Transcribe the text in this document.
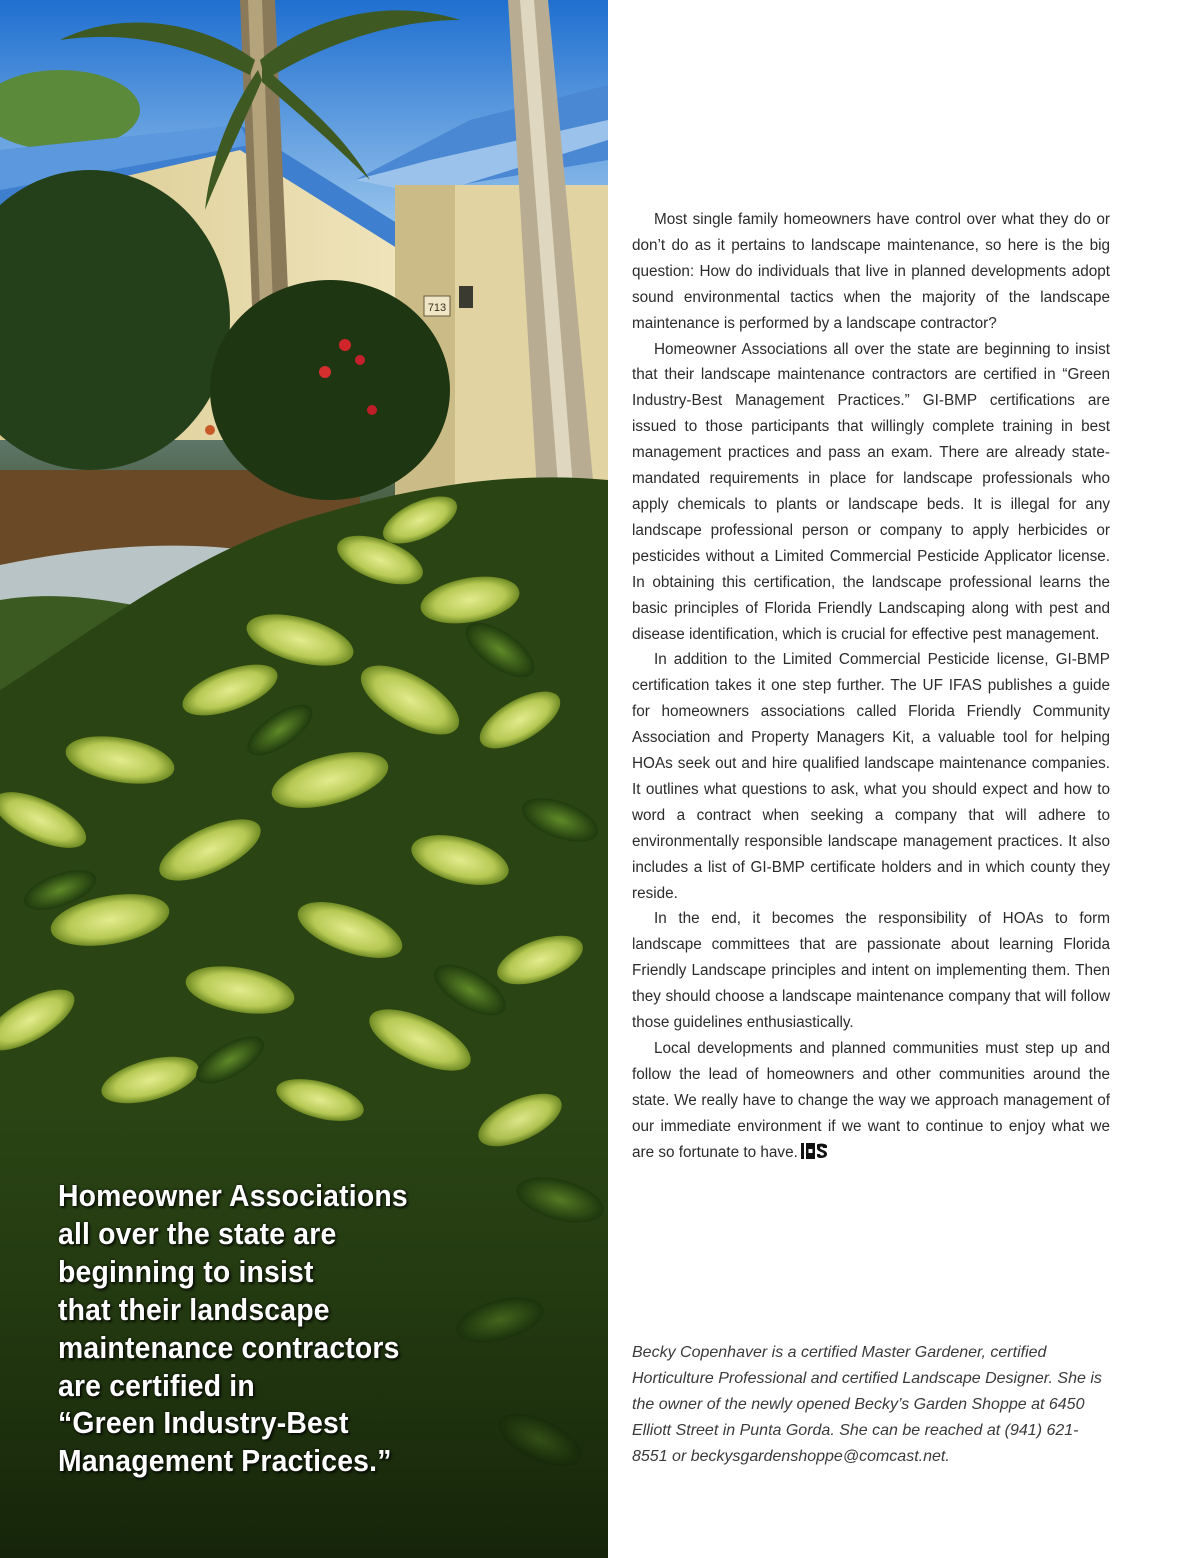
713
Homeowner Associations
all over the state are
beginning to insist
that their landscape
maintenance contractors
are certified in
“Green Industry-Best
Management Practices.”

Most single family homeowners have control over what they do or don’t do as it pertains to landscape maintenance, so here is the big question: How do individuals that live in planned developments adopt sound environmental tactics when the majority of the landscape maintenance is performed by a landscape contractor?

Homeowner Associations all over the state are beginning to insist that their landscape maintenance contractors are certified in “Green Industry-Best Management Practices.” GI-BMP certifications are issued to those participants that willingly complete training in best management practices and pass an exam. There are already state-mandated requirements in place for landscape professionals who apply chemicals to plants or landscape beds. It is illegal for any landscape professional person or company to apply herbicides or pesticides without a Limited Commercial Pesticide Applicator license. In obtaining this certification, the landscape professional learns the basic principles of Florida Friendly Landscaping along with pest and disease identification, which is crucial for effective pest management.

In addition to the Limited Commercial Pesticide license, GI-BMP certification takes it one step further. The UF IFAS publishes a guide for homeowners associations called Florida Friendly Community Association and Property Managers Kit, a valuable tool for helping HOAs seek out and hire qualified landscape maintenance companies. It outlines what questions to ask, what you should expect and how to word a contract when seeking a company that will adhere to environmentally responsible landscape management practices. It also includes a list of GI-BMP certificate holders and in which county they reside.

In the end, it becomes the responsibility of HOAs to form landscape committees that are passionate about learning Florida Friendly Landscape principles and intent on implementing them. Then they should choose a landscape maintenance company that will follow those guidelines enthusiastically.

Local developments and planned communities must step up and follow the lead of homeowners and other communities around the state. We really have to change the way we approach management of our immediate environment if we want to continue to enjoy what we are so fortunate to have.

Becky Copenhaver is a certified Master Gardener, certified Horticulture Professional and certified Landscape Designer. She is the owner of the newly opened Becky’s Garden Shoppe at 6450 Elliott Street in Punta Gorda. She can be reached at (941) 621-8551 or beckysgardenshoppe@comcast.net.
